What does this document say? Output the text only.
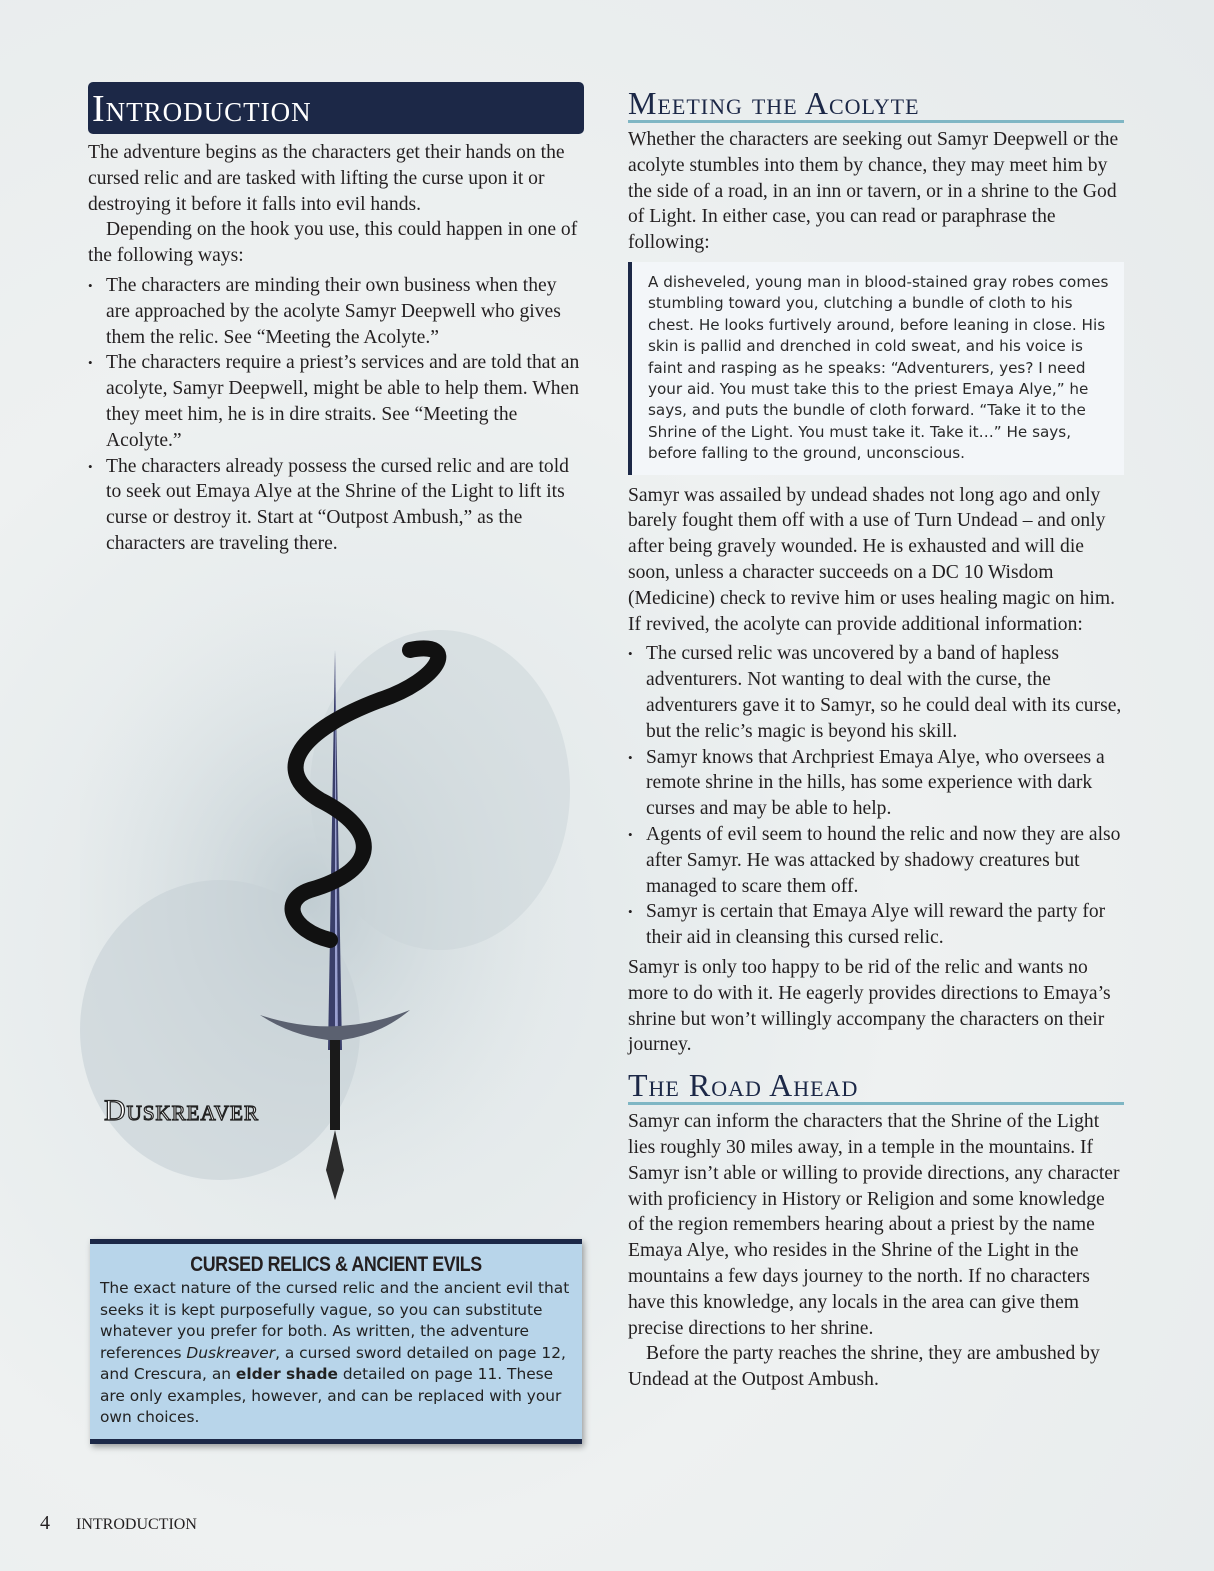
Introduction

The adventure begins as the characters get their hands on the cursed relic and are tasked with lifting the curse upon it or destroying it before it falls into evil hands.

Depending on the hook you use, this could happen in one of the following ways:

• The characters are minding their own business when they are approached by the acolyte Samyr Deepwell who gives them the relic. See “Meeting the Acolyte.”
• The characters require a priest’s services and are told that an acolyte, Samyr Deepwell, might be able to help them. When they meet him, he is in dire straits. See “Meeting the Acolyte.”
• The characters already possess the cursed relic and are told to seek out Emaya Alye at the Shrine of the Light to lift its curse or destroy it. Start at “Outpost Ambush,” as the characters are traveling there.
Duskreaver
CURSED RELICS & ANCIENT EVILS
The exact nature of the cursed relic and the ancient evil that seeks it is kept purposefully vague, so you can substitute whatever you prefer for both. As written, the adventure references Duskreaver, a cursed sword detailed on page 12, and Crescura, an elder shade detailed on page 11. These are only examples, however, and can be replaced with your own choices.
Meeting the Acolyte

Whether the characters are seeking out Samyr Deepwell or the acolyte stumbles into them by chance, they may meet him by the side of a road, in an inn or tavern, or in a shrine to the God of Light. In either case, you can read or paraphrase the following:

A disheveled, young man in blood-stained gray robes comes stumbling toward you, clutching a bundle of cloth to his chest. He looks furtively around, before leaning in close. His skin is pallid and drenched in cold sweat, and his voice is faint and rasping as he speaks: “Adventurers, yes? I need your aid. You must take this to the priest Emaya Alye,” he says, and puts the bundle of cloth forward. “Take it to the Shrine of the Light. You must take it. Take it…” He says, before falling to the ground, unconscious.

Samyr was assailed by undead shades not long ago and only barely fought them off with a use of Turn Undead – and only after being gravely wounded. He is exhausted and will die soon, unless a character succeeds on a DC 10 Wisdom (Medicine) check to revive him or uses healing magic on him. If revived, the acolyte can provide additional information:

• The cursed relic was uncovered by a band of hapless adventurers. Not wanting to deal with the curse, the adventurers gave it to Samyr, so he could deal with its curse, but the relic’s magic is beyond his skill.
• Samyr knows that Archpriest Emaya Alye, who oversees a remote shrine in the hills, has some experience with dark curses and may be able to help.
• Agents of evil seem to hound the relic and now they are also after Samyr. He was attacked by shadowy creatures but managed to scare them off.
• Samyr is certain that Emaya Alye will reward the party for their aid in cleansing this cursed relic.

Samyr is only too happy to be rid of the relic and wants no more to do with it. He eagerly provides directions to Emaya’s shrine but won’t willingly accompany the characters on their journey.

The Road Ahead

Samyr can inform the characters that the Shrine of the Light lies roughly 30 miles away, in a temple in the mountains. If Samyr isn’t able or willing to provide directions, any character with proficiency in History or Religion and some knowledge of the region remembers hearing about a priest by the name Emaya Alye, who resides in the Shrine of the Light in the mountains a few days journey to the north. If no characters have this knowledge, any locals in the area can give them precise directions to her shrine.

Before the party reaches the shrine, they are ambushed by Undead at the Outpost Ambush.

4 INTRODUCTION
